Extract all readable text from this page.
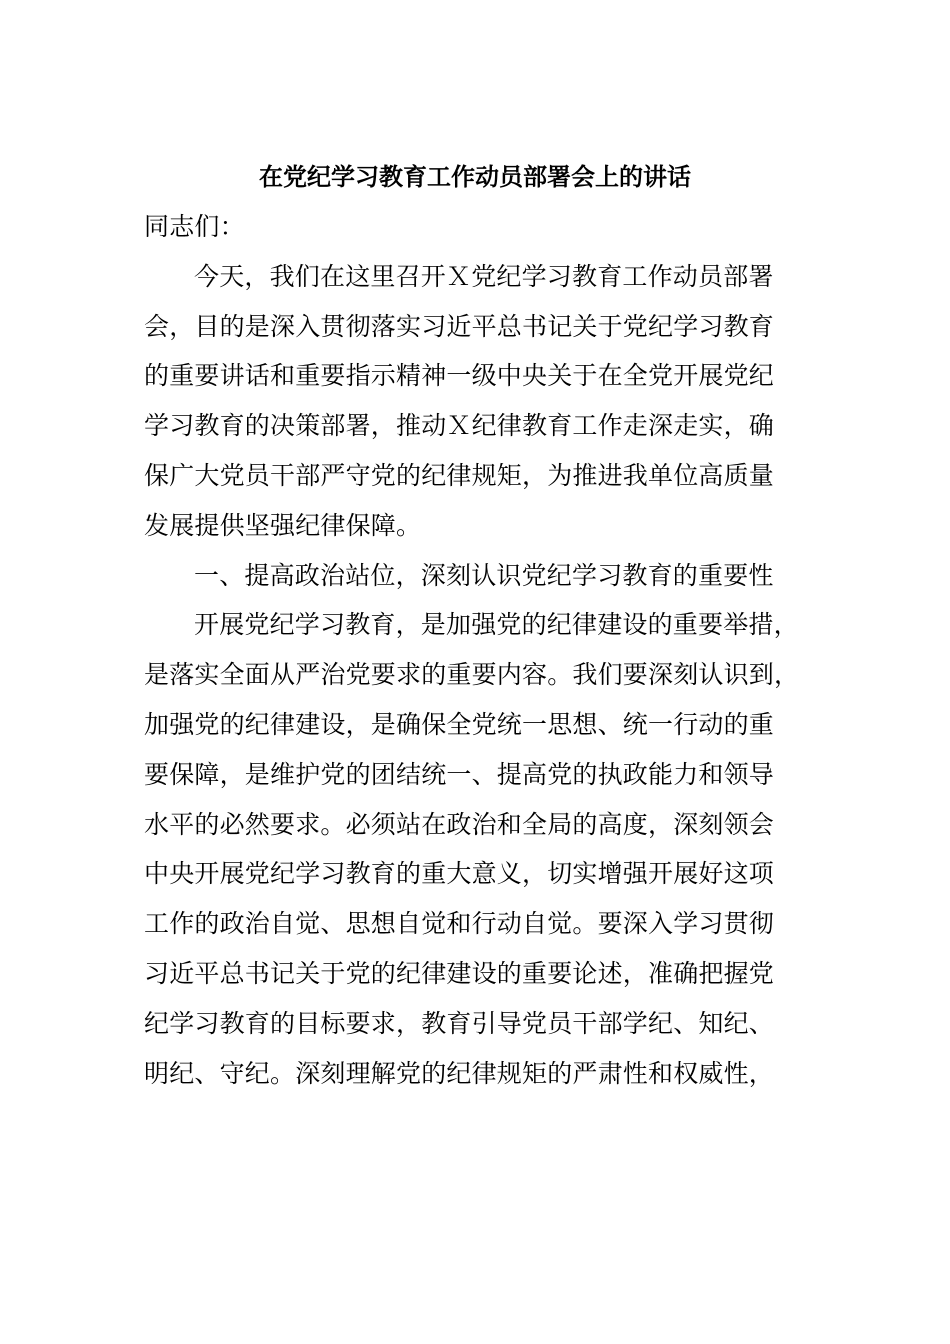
在党纪学习教育工作动员部署会上的讲话
同志们：
今天，我们在这里召开Ｘ党纪学习教育工作动员部署
会，目的是深入贯彻落实习近平总书记关于党纪学习教育
的重要讲话和重要指示精神一级中央关于在全党开展党纪
学习教育的决策部署，推动Ｘ纪律教育工作走深走实，确
保广大党员干部严守党的纪律规矩，为推进我单位高质量
发展提供坚强纪律保障。
一、提高政治站位，深刻认识党纪学习教育的重要性
开展党纪学习教育，是加强党的纪律建设的重要举措，
是落实全面从严治党要求的重要内容。我们要深刻认识到，
加强党的纪律建设，是确保全党统一思想、统一行动的重
要保障，是维护党的团结统一、提高党的执政能力和领导
水平的必然要求。必须站在政治和全局的高度，深刻领会
中央开展党纪学习教育的重大意义，切实增强开展好这项
工作的政治自觉、思想自觉和行动自觉。要深入学习贯彻
习近平总书记关于党的纪律建设的重要论述，准确把握党
纪学习教育的目标要求，教育引导党员干部学纪、知纪、
明纪、守纪。深刻理解党的纪律规矩的严肃性和权威性，
